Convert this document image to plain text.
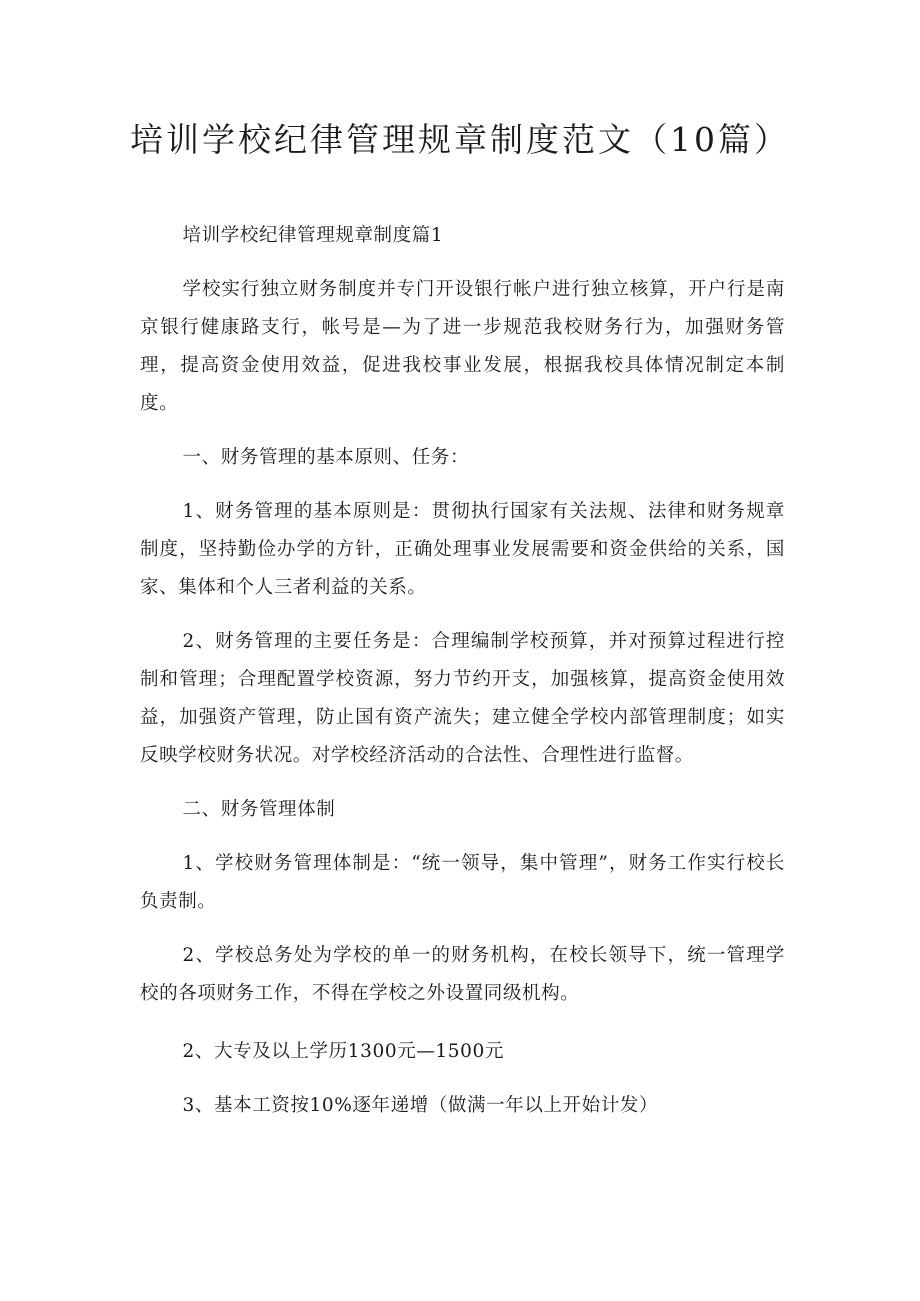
培训学校纪律管理规章制度范文（10篇）

培训学校纪律管理规章制度篇1

学校实行独立财务制度并专门开设银行帐户进行独立核算，开户行是南京银行健康路支行，帐号是—为了进一步规范我校财务行为，加强财务管理，提高资金使用效益，促进我校事业发展，根据我校具体情况制定本制度。

一、财务管理的基本原则、任务：

1、财务管理的基本原则是：贯彻执行国家有关法规、法律和财务规章制度，坚持勤俭办学的方针，正确处理事业发展需要和资金供给的关系，国家、集体和个人三者利益的关系。

2、财务管理的主要任务是：合理编制学校预算，并对预算过程进行控制和管理；合理配置学校资源，努力节约开支，加强核算，提高资金使用效益，加强资产管理，防止国有资产流失；建立健全学校内部管理制度；如实反映学校财务状况。对学校经济活动的合法性、合理性进行监督。

二、财务管理体制

1、学校财务管理体制是：“统一领导，集中管理”，财务工作实行校长负责制。

2、学校总务处为学校的单一的财务机构，在校长领导下，统一管理学校的各项财务工作，不得在学校之外设置同级机构。

2、大专及以上学历1300元—1500元

3、基本工资按10%逐年递增（做满一年以上开始计发）
